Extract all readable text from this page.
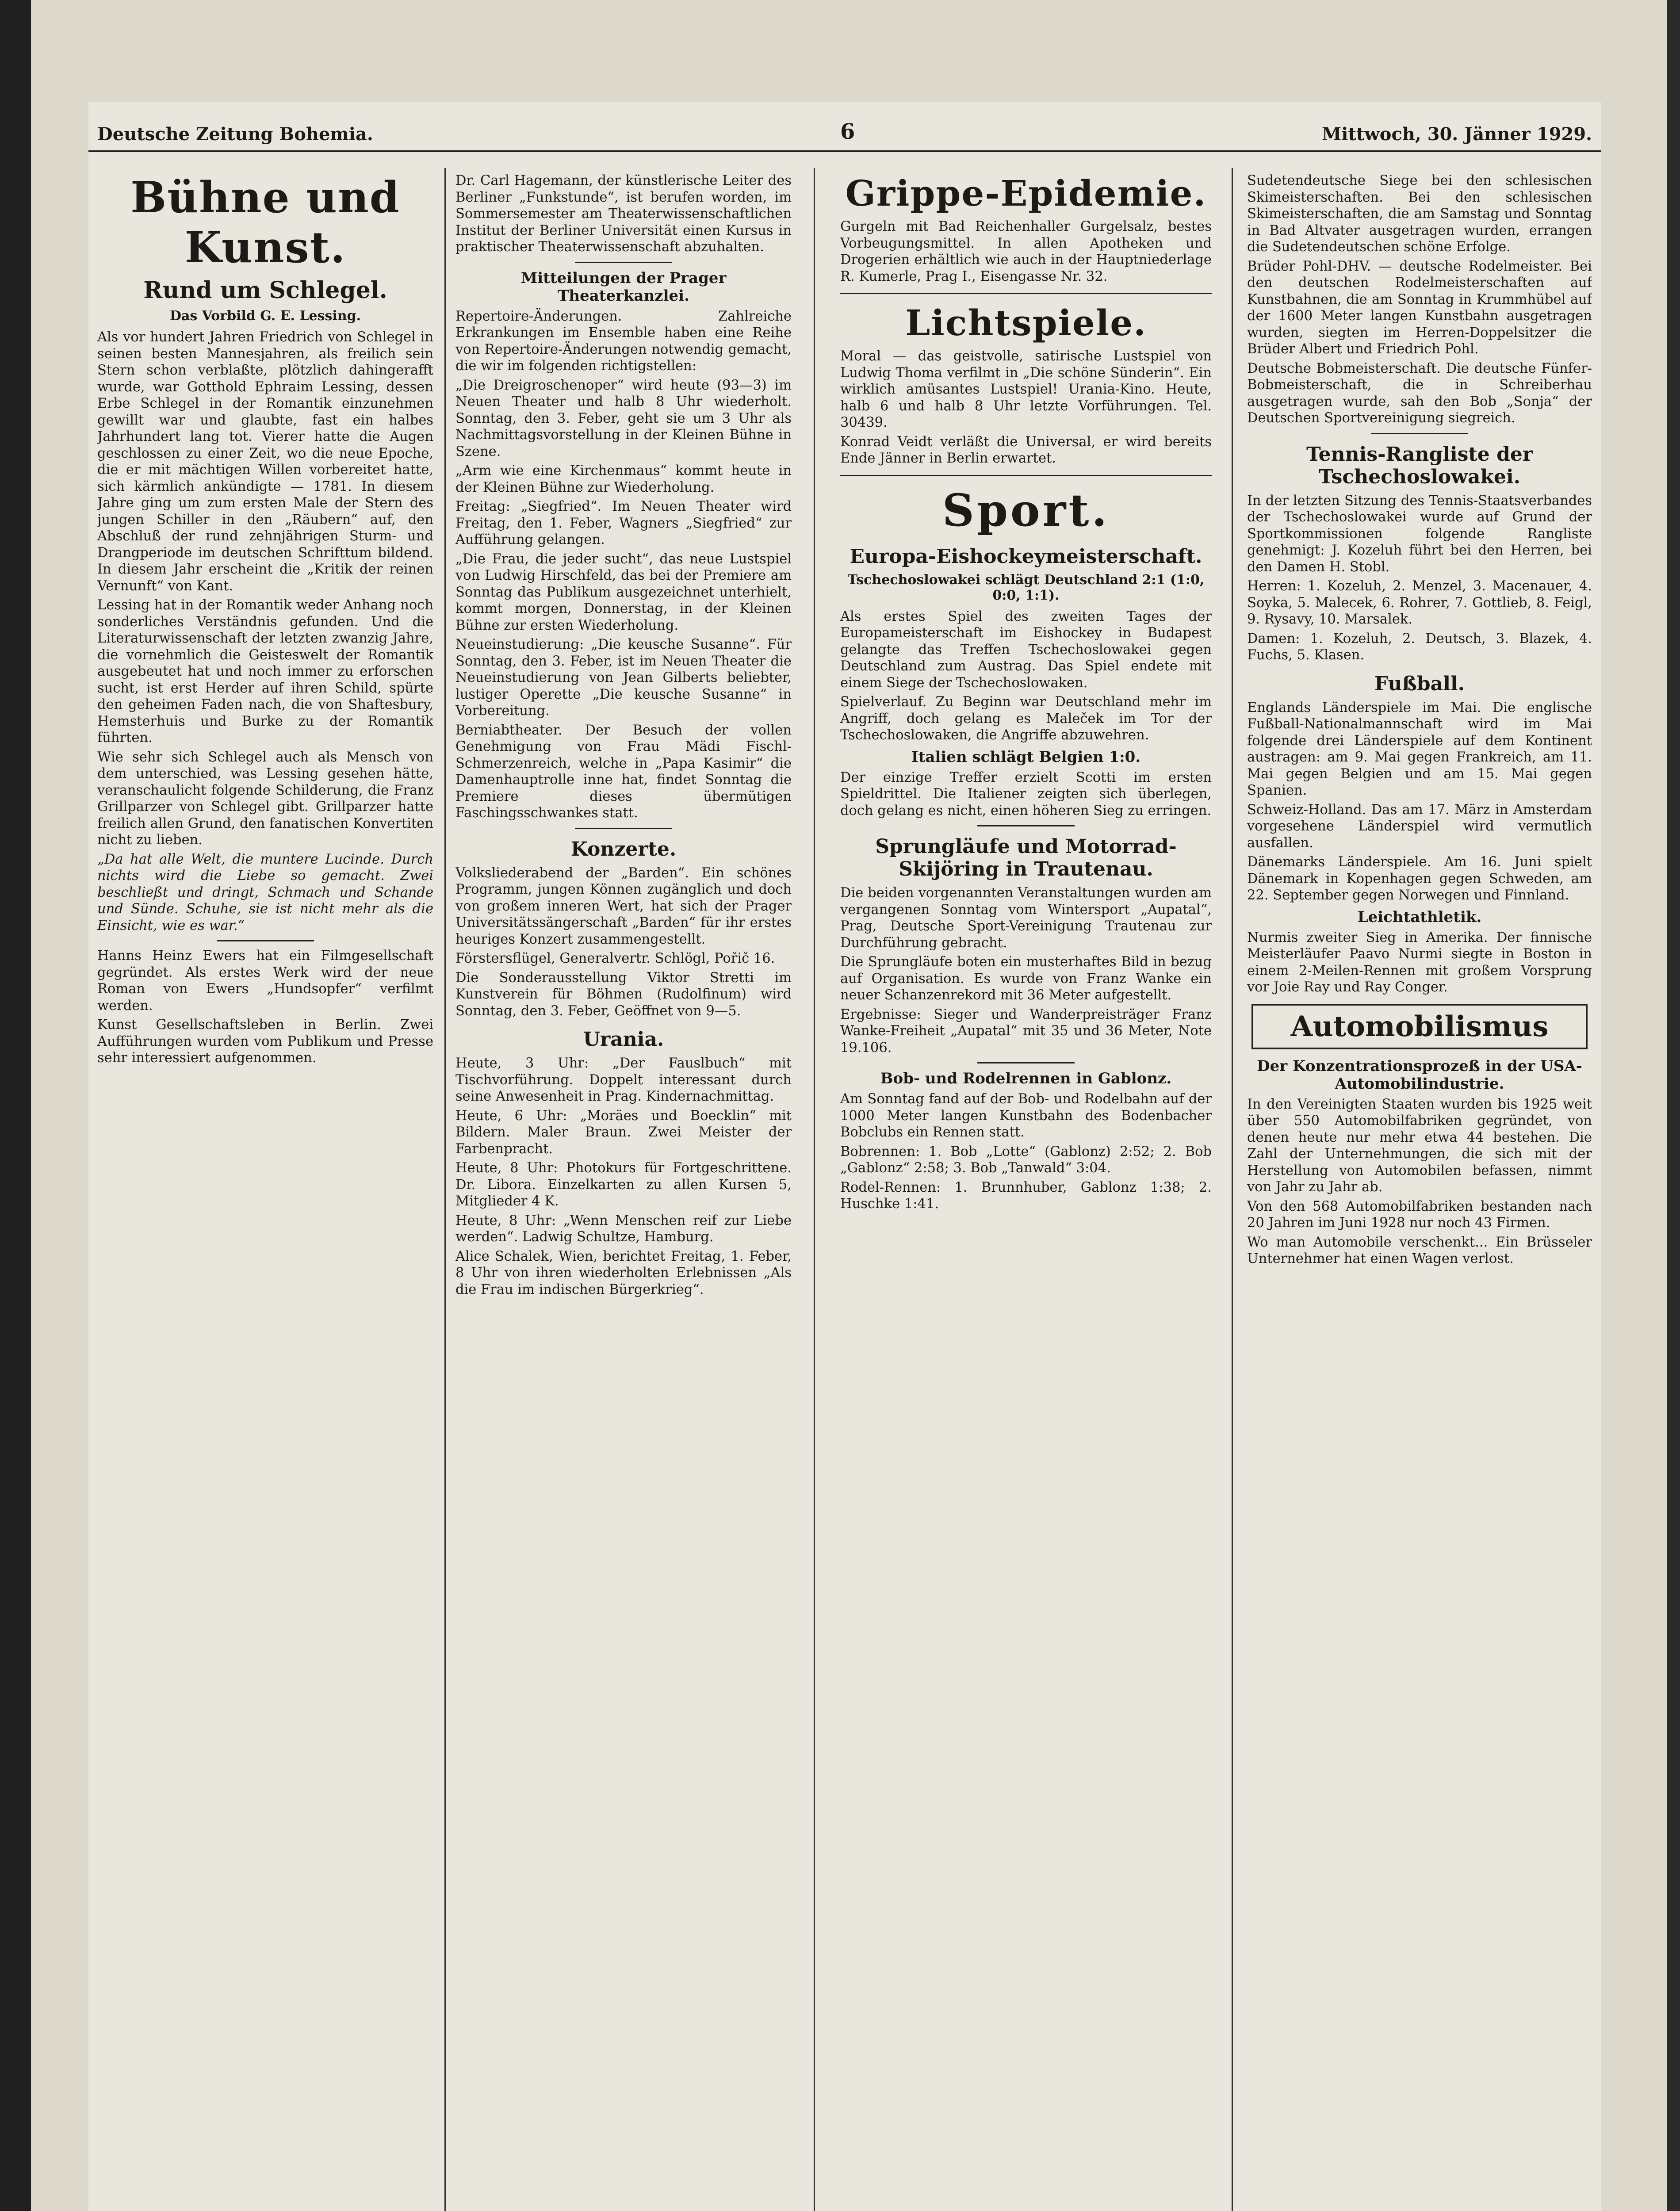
Deutsche Zeitung Bohemia.	6	Mittwoch, 30. Jänner 1929.
Bühne und Kunst.
Rund um Schlegel.
Das Vorbild G. E. Lessing.

Als vor hundert Jahren Friedrich von Schlegel in seinen besten Mannesjahren, als freilich sein Stern schon verblaßte, plötzlich dahingerafft wurde, war Gotthold Ephraim Lessing, dessen Erbe Schlegel in der Romantik einzunehmen gewillt war und glaubte, fast ein halbes Jahrhundert lang tot. Vierer hatte die Augen geschlossen zu einer Zeit, wo die neue Epoche, die er mit mächtigen Willen vorbereitet hatte, sich kärmlich ankündigte — 1781. In diesem Jahre ging um zum ersten Male der Stern des jungen Schiller in den „Räubern“ auf, den Abschluß der rund zehnjährigen Sturm- und Drangperiode im deutschen Schrifttum bildend. In diesem Jahr erscheint die „Kritik der reinen Vernunft“ von Kant.

Lessing hat in der Romantik weder Anhang noch sonderliches Verständnis gefunden. Und die Literaturwissenschaft der letzten zwanzig Jahre, die vornehmlich die Geisteswelt der Romantik ausgebeutet hat und noch immer zu erforschen sucht, ist erst Herder auf ihren Schild, spürte den geheimen Faden nach, die von Shaftesbury, Hemsterhuis und Burke zu der Romantik führten.

Wie sehr sich Schlegel auch als Mensch von dem unterschied, was Lessing gesehen hätte, veranschaulicht folgende Schilderung, die Franz Grillparzer von Schlegel gibt. Grillparzer hatte freilich allen Grund, den fanatischen Konvertiten nicht zu lieben.

„Da hat alle Welt, die muntere Lucinde. Durch nichts wird die Liebe so gemacht. Zwei beschließt und dringt, Schmach und Schande und Sünde. Schuhe, sie ist nicht mehr als die Einsicht, wie es war.“

Hanns Heinz Ewers hat ein Filmgesellschaft gegründet. Als erstes Werk wird der neue Roman von Ewers „Hundsopfer“ verfilmt werden.

Kunst Gesellschaftsleben in Berlin. Zwei Aufführungen wurden vom Publikum und Presse sehr interessiert aufgenommen.

Dr. Carl Hagemann, der künstlerische Leiter des Berliner „Funkstunde“, ist berufen worden, im Sommersemester am Theaterwissenschaftlichen Institut der Berliner Universität einen Kursus in praktischer Theaterwissenschaft abzuhalten.

Mitteilungen der Prager Theaterkanzlei.

Repertoire-Änderungen. Zahlreiche Erkrankungen im Ensemble haben eine Reihe von Repertoire-Änderungen notwendig gemacht, die wir im folgenden richtigstellen:

„Die Dreigroschenoper“ wird heute (93—3) im Neuen Theater und halb 8 Uhr wiederholt. Sonntag, den 3. Feber, geht sie um 3 Uhr als Nachmittagsvorstellung in der Kleinen Bühne in Szene.

„Arm wie eine Kirchenmaus“ kommt heute in der Kleinen Bühne zur Wiederholung.

Freitag: „Siegfried“. Im Neuen Theater wird Freitag, den 1. Feber, Wagners „Siegfried“ zur Aufführung gelangen.

„Die Frau, die jeder sucht“, das neue Lustspiel von Ludwig Hirschfeld, das bei der Premiere am Sonntag das Publikum ausgezeichnet unterhielt, kommt morgen, Donnerstag, in der Kleinen Bühne zur ersten Wiederholung.

Neueinstudierung: „Die keusche Susanne“. Für Sonntag, den 3. Feber, ist im Neuen Theater die Neueinstudierung von Jean Gilberts beliebter, lustiger Operette „Die keusche Susanne“ in Vorbereitung.

Berniabtheater. Der Besuch der vollen Genehmigung von Frau Mädi Fischl-Schmerzenreich, welche in „Papa Kasimir“ die Damenhauptrolle inne hat, findet Sonntag die Premiere dieses übermütigen Faschingsschwankes statt.

Konzerte.

Volksliederabend der „Barden“. Ein schönes Programm, jungen Können zugänglich und doch von großem inneren Wert, hat sich der Prager Universitätssängerschaft „Barden“ für ihr erstes heuriges Konzert zusammengestellt.

Förstersflügel, Generalvertr. Schlögl, Pořič 16.

Die Sonderausstellung Viktor Stretti im Kunstverein für Böhmen (Rudolfinum) wird Sonntag, den 3. Feber, Geöffnet von 9—5.

Urania.

Heute, 3 Uhr: „Der Fauslbuch“ mit Tischvorführung. Doppelt interessant durch seine Anwesenheit in Prag. Kindernachmittag.

Heute, 6 Uhr: „Moräes und Boecklin“ mit Bildern. Maler Braun. Zwei Meister der Farbenpracht.

Heute, 8 Uhr: Photokurs für Fortgeschrittene. Dr. Libora. Einzelkarten zu allen Kursen 5, Mitglieder 4 K.

Heute, 8 Uhr: „Wenn Menschen reif zur Liebe werden“. Ladwig Schultze, Hamburg.

Alice Schalek, Wien, berichtet Freitag, 1. Feber, 8 Uhr von ihren wiederholten Erlebnissen „Als die Frau im indischen Bürgerkrieg“.

Grippe-Epidemie.

Gurgeln mit Bad Reichenhaller Gurgelsalz, bestes Vorbeugungsmittel. In allen Apotheken und Drogerien erhältlich wie auch in der Hauptniederlage R. Kumerle, Prag I., Eisengasse Nr. 32.

Lichtspiele.

Moral — das geistvolle, satirische Lustspiel von Ludwig Thoma verfilmt in „Die schöne Sünderin“. Ein wirklich amüsantes Lustspiel! Urania-Kino. Heute, halb 6 und halb 8 Uhr letzte Vorführungen. Tel. 30439.

Konrad Veidt verläßt die Universal, er wird bereits Ende Jänner in Berlin erwartet.

Sport.
Europa-Eishockeymeisterschaft.
Tschechoslowakei schlägt Deutschland 2:1 (1:0, 0:0, 1:1).

Als erstes Spiel des zweiten Tages der Europameisterschaft im Eishockey in Budapest gelangte das Treffen Tschechoslowakei gegen Deutschland zum Austrag. Das Spiel endete mit einem Siege der Tschechoslowaken.

Spielverlauf. Zu Beginn war Deutschland mehr im Angriff, doch gelang es Maleček im Tor der Tschechoslowaken, die Angriffe abzuwehren.

Italien schlägt Belgien 1:0.

Der einzige Treffer erzielt Scotti im ersten Spieldrittel. Die Italiener zeigten sich überlegen, doch gelang es nicht, einen höheren Sieg zu erringen.

Sprungläufe und Motorrad-Skijöring in Trautenau.

Die beiden vorgenannten Veranstaltungen wurden am vergangenen Sonntag vom Wintersport „Aupatal“, Prag, Deutsche Sport-Vereinigung Trautenau zur Durchführung gebracht.

Die Sprungläufe boten ein musterhaftes Bild in bezug auf Organisation. Es wurde von Franz Wanke ein neuer Schanzenrekord mit 36 Meter aufgestellt.

Ergebnisse: Sieger und Wanderpreisträger Franz Wanke-Freiheit „Aupatal“ mit 35 und 36 Meter, Note 19.106.

Bob- und Rodelrennen in Gablonz.

Am Sonntag fand auf der Bob- und Rodelbahn auf der 1000 Meter langen Kunstbahn des Bodenbacher Bobclubs ein Rennen statt.

Bobrennen: 1. Bob „Lotte“ (Gablonz) 2:52; 2. Bob „Gablonz“ 2:58; 3. Bob „Tanwald“ 3:04.

Rodel-Rennen: 1. Brunnhuber, Gablonz 1:38; 2. Huschke 1:41.

Sudetendeutsche Siege bei den schlesischen Skimeisterschaften. Bei den schlesischen Skimeisterschaften, die am Samstag und Sonntag in Bad Altvater ausgetragen wurden, errangen die Sudetendeutschen schöne Erfolge.

Brüder Pohl-DHV. — deutsche Rodelmeister. Bei den deutschen Rodelmeisterschaften auf Kunstbahnen, die am Sonntag in Krummhübel auf der 1600 Meter langen Kunstbahn ausgetragen wurden, siegten im Herren-Doppelsitzer die Brüder Albert und Friedrich Pohl.

Deutsche Bobmeisterschaft. Die deutsche Fünfer-Bobmeisterschaft, die in Schreiberhau ausgetragen wurde, sah den Bob „Sonja“ der Deutschen Sportvereinigung siegreich.

Tennis-Rangliste der Tschechoslowakei.

In der letzten Sitzung des Tennis-Staatsverbandes der Tschechoslowakei wurde auf Grund der Sportkommissionen folgende Rangliste genehmigt: J. Kozeluh führt bei den Herren, bei den Damen H. Stobl.

Herren: 1. Kozeluh, 2. Menzel, 3. Macenauer, 4. Soyka, 5. Malecek, 6. Rohrer, 7. Gottlieb, 8. Feigl, 9. Rysavy, 10. Marsalek.

Damen: 1. Kozeluh, 2. Deutsch, 3. Blazek, 4. Fuchs, 5. Klasen.

Fußball.

Englands Länderspiele im Mai. Die englische Fußball-Nationalmannschaft wird im Mai folgende drei Länderspiele auf dem Kontinent austragen: am 9. Mai gegen Frankreich, am 11. Mai gegen Belgien und am 15. Mai gegen Spanien.

Schweiz-Holland. Das am 17. März in Amsterdam vorgesehene Länderspiel wird vermutlich ausfallen.

Dänemarks Länderspiele. Am 16. Juni spielt Dänemark in Kopenhagen gegen Schweden, am 22. September gegen Norwegen und Finnland.

Leichtathletik.

Nurmis zweiter Sieg in Amerika. Der finnische Meisterläufer Paavo Nurmi siegte in Boston in einem 2-Meilen-Rennen mit großem Vorsprung vor Joie Ray und Ray Conger.

Automobilismus
Der Konzentrationsprozeß in der USA-Automobilindustrie.

In den Vereinigten Staaten wurden bis 1925 weit über 550 Automobilfabriken gegründet, von denen heute nur mehr etwa 44 bestehen. Die Zahl der Unternehmungen, die sich mit der Herstellung von Automobilen befassen, nimmt von Jahr zu Jahr ab.

Von den 568 Automobilfabriken bestanden nach 20 Jahren im Juni 1928 nur noch 43 Firmen.

Wo man Automobile verschenkt... Ein Brüsseler Unternehmer hat einen Wagen verlost.
